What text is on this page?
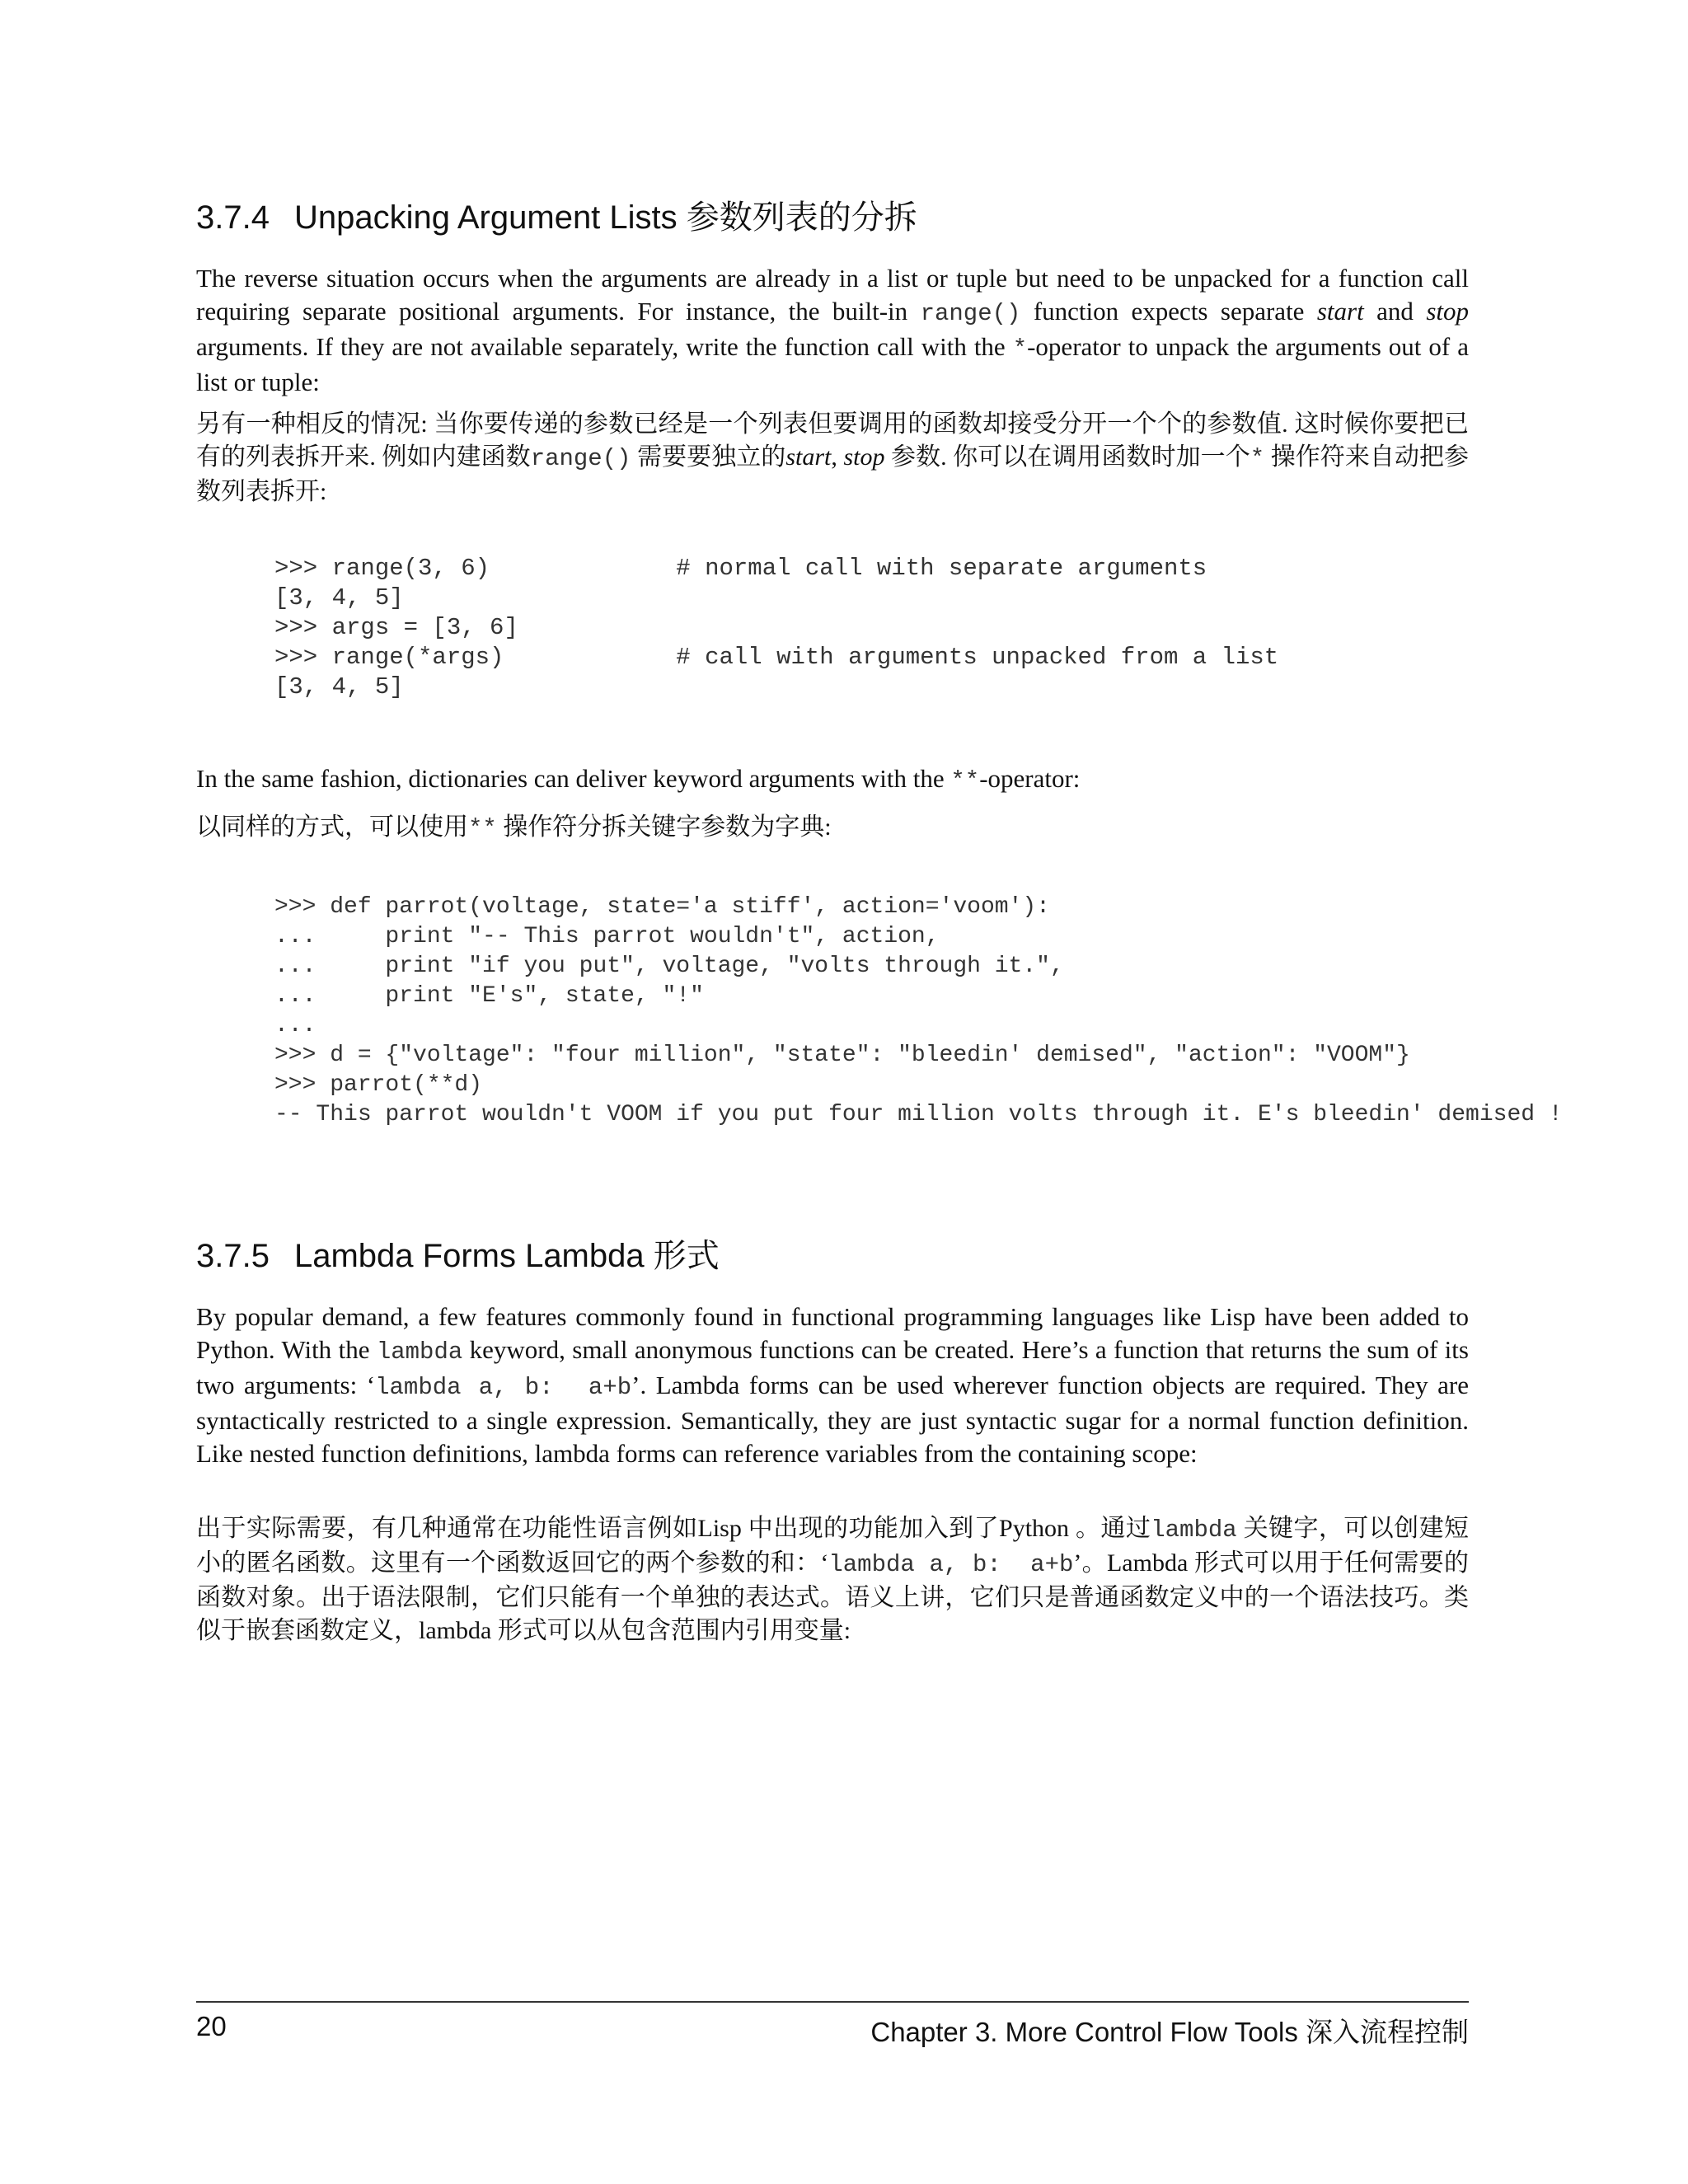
3.7.4 Unpacking Argument Lists 参数列表的分拆

The reverse situation occurs when the arguments are already in a list or tuple but need to be unpacked for a function call requiring separate positional arguments. For instance, the built-in range() function expects separate start and stop arguments. If they are not available separately, write the function call with the *-operator to unpack the arguments out of a list or tuple:

另有一种相反的情况: 当你要传递的参数已经是一个列表但要调用的函数却接受分开一个个的参数值. 这时候你要把已有的列表拆开来. 例如内建函数range() 需要要独立的start, stop 参数. 你可以在调用函数时加一个* 操作符来自动把参数列表拆开:

>>> range(3, 6)             # normal call with separate arguments
[3, 4, 5]
>>> args = [3, 6]
>>> range(*args)            # call with arguments unpacked from a list
[3, 4, 5]

In the same fashion, dictionaries can deliver keyword arguments with the **-operator:

以同样的方式，可以使用** 操作符分拆关键字参数为字典:

>>> def parrot(voltage, state='a stiff', action='voom'):
...     print "-- This parrot wouldn't", action,
...     print "if you put", voltage, "volts through it.",
...     print "E's", state, "!"
...
>>> d = {"voltage": "four million", "state": "bleedin' demised", "action": "VOOM"}
>>> parrot(**d)
-- This parrot wouldn't VOOM if you put four million volts through it. E's bleedin' demised !
3.7.5 Lambda Forms Lambda 形式

By popular demand, a few features commonly found in functional programming languages like Lisp have been added to Python. With the lambda keyword, small anonymous functions can be created. Here’s a function that returns the sum of its two arguments: ‘lambda a, b:  a+b’. Lambda forms can be used wherever function objects are required. They are syntactically restricted to a single expression. Semantically, they are just syntactic sugar for a normal function definition. Like nested function definitions, lambda forms can reference variables from the containing scope:

出于实际需要，有几种通常在功能性语言例如Lisp 中出现的功能加入到了Python 。通过lambda 关键字，可以创建短小的匿名函数。这里有一个函数返回它的两个参数的和：‘lambda a, b:  a+b’。Lambda 形式可以用于任何需要的函数对象。出于语法限制，它们只能有一个单独的表达式。语义上讲，它们只是普通函数定义中的一个语法技巧。类似于嵌套函数定义，lambda 形式可以从包含范围内引用变量:

20	Chapter 3. More Control Flow Tools 深入流程控制
